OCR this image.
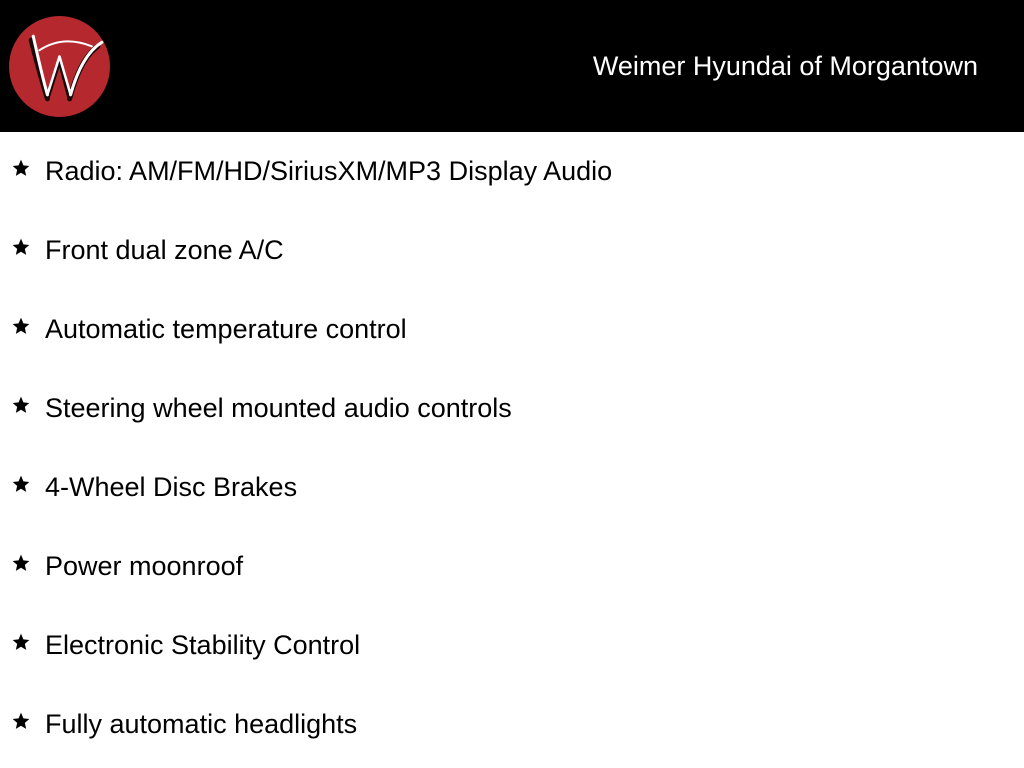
Weimer Hyundai of Morgantown
Radio: AM/FM/HD/SiriusXM/MP3 Display Audio
Front dual zone A/C
Automatic temperature control
Steering wheel mounted audio controls
4-Wheel Disc Brakes
Power moonroof
Electronic Stability Control
Fully automatic headlights
